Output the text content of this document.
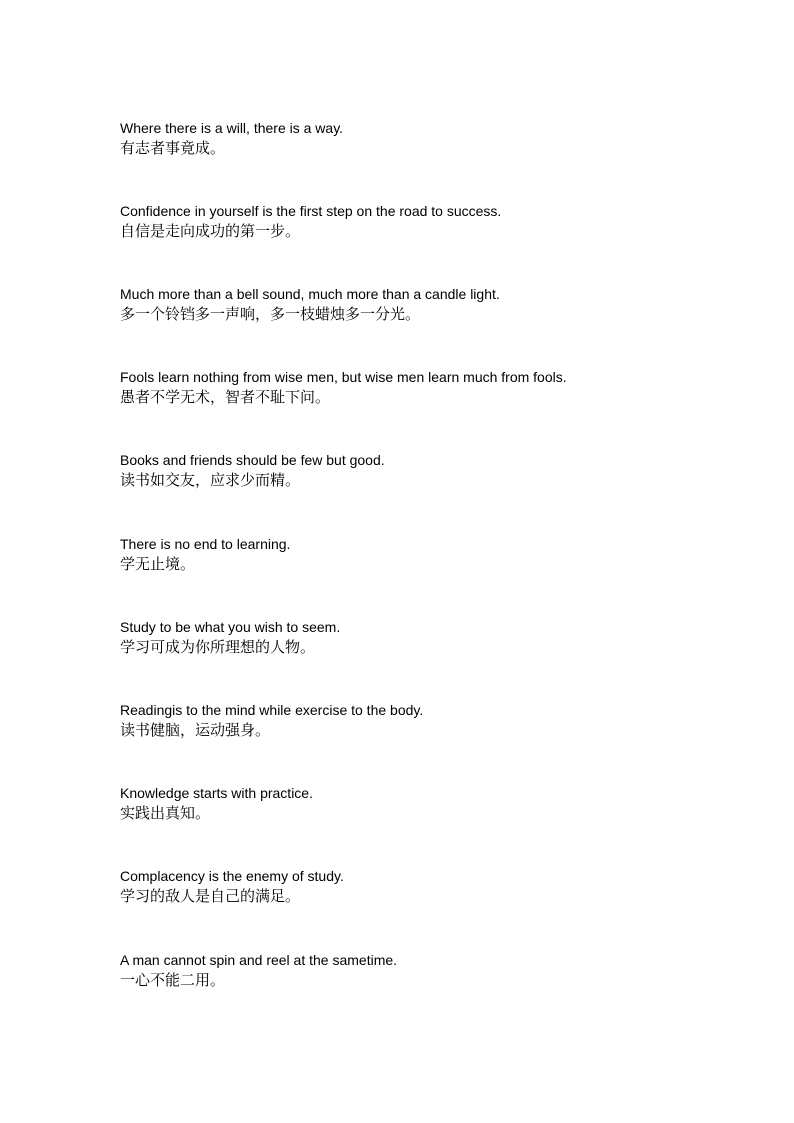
Where there is a will, there is a way.
有志者事竟成。
Confidence in yourself is the first step on the road to success.
自信是走向成功的第一步。
Much more than a bell sound, much more than a candle light.
多一个铃铛多一声响，多一枝蜡烛多一分光。
Fools learn nothing from wise men, but wise men learn much from fools.
愚者不学无术，智者不耻下问。
Books and friends should be few but good.
读书如交友，应求少而精。
There is no end to learning.
学无止境。
Study to be what you wish to seem.
学习可成为你所理想的人物。
Readingis to the mind while exercise to the body.
读书健脑，运动强身。
Knowledge starts with practice.
实践出真知。
Complacency is the enemy of study.
学习的敌人是自己的满足。
A man cannot spin and reel at the sametime.
一心不能二用。
